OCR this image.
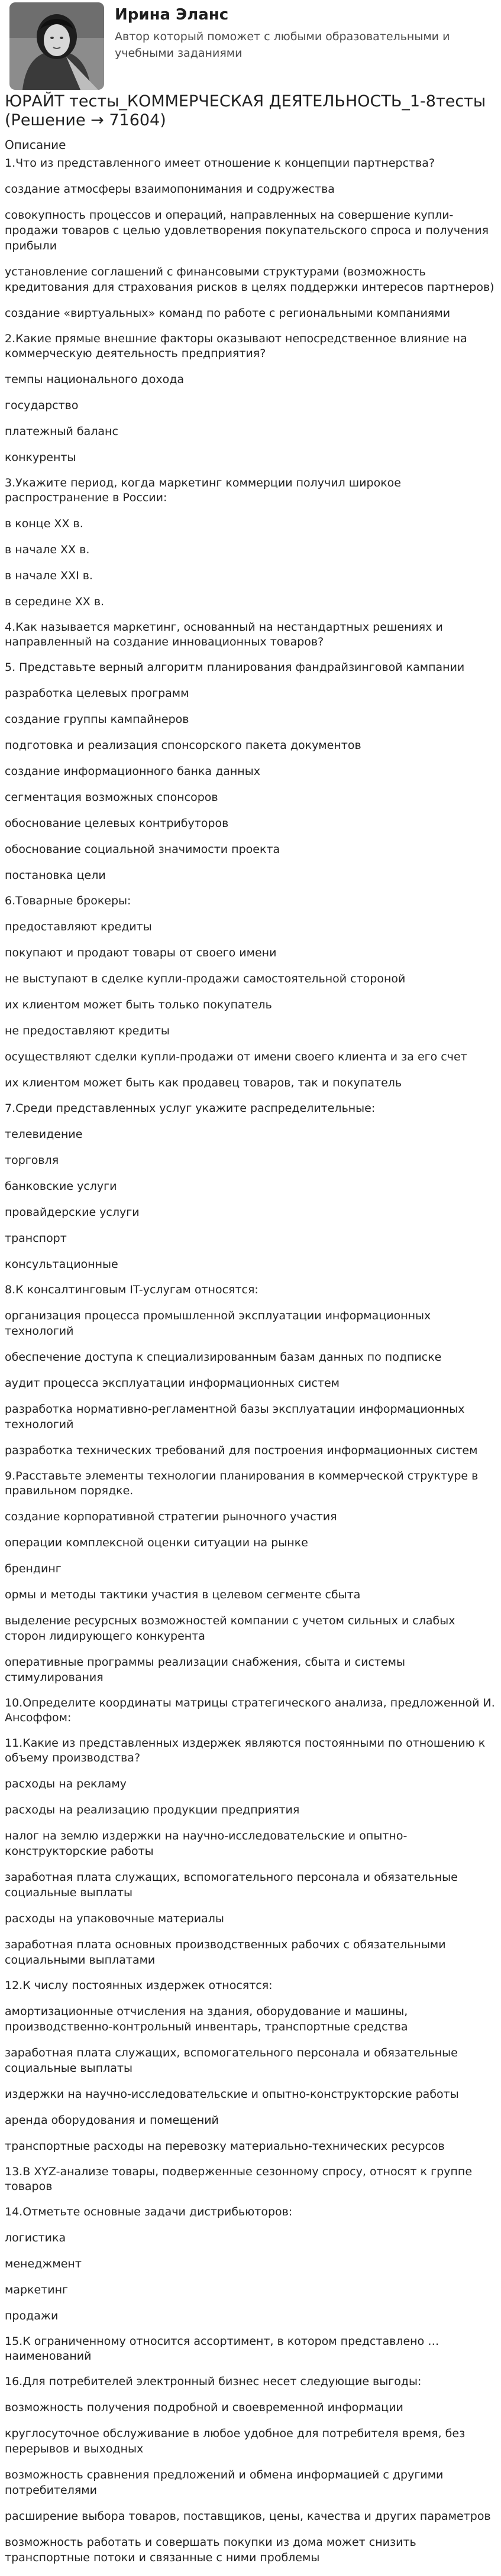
Ирина Эланс
Автор который поможет с любыми образовательными и учебными заданиями
ЮРАЙТ тесты_КОММЕРЧЕСКАЯ ДЕЯТЕЛЬНОСТЬ_1-8тесты (Решение → 71604)
Описание
1.Что из представленного имеет отношение к концепции партнерства?
создание атмосферы взаимопонимания и содружества
совокупность процессов и операций, направленных на совершение купли-продажи товаров с целью удовлетворения покупательского спроса и получения прибыли
установление соглашений с финансовыми структурами (возможность кредитования для страхования рисков в целях поддержки интересов партнеров)
создание «виртуальных» команд по работе с региональными компаниями
2.Какие прямые внешние факторы оказывают непосредственное влияние на коммерческую деятельность предприятия?
темпы национального дохода
государство
платежный баланс
конкуренты
3.Укажите период, когда маркетинг коммерции получил широкое распространение в России:
в конце XX в.
в начале XX в.
в начале XXI в.
в середине XX в.
4.Как называется маркетинг, основанный на нестандартных решениях и направленный на создание инновационных товаров?
5. Представьте верный алгоритм планирования фандрайзинговой кампании
разработка целевых программ
создание группы кампайнеров
подготовка и реализация спонсорского пакета документов
создание информационного банка данных
сегментация возможных спонсоров
обоснование целевых контрибуторов
обоснование социальной значимости проекта
постановка цели
6.Товарные брокеры:
предоставляют кредиты
покупают и продают товары от своего имени
не выступают в сделке купли-продажи самостоятельной стороной
их клиентом может быть только покупатель
не предоставляют кредиты
осуществляют сделки купли-продажи от имени своего клиента и за его счет
их клиентом может быть как продавец товаров, так и покупатель
7.Среди представленных услуг укажите распределительные:
телевидение
торговля
банковские услуги
провайдерские услуги
транспорт
консультационные
8.К консалтинговым IT-услугам относятся:
организация процесса промышленной эксплуатации информационных технологий
обеспечение доступа к специализированным базам данных по подписке
аудит процесса эксплуатации информационных систем
разработка нормативно-регламентной базы эксплуатации информационных технологий
разработка технических требований для построения информационных систем
9.Расставьте элементы технологии планирования в коммерческой структуре в правильном порядке.
создание корпоративной стратегии рыночного участия
операции комплексной оценки ситуации на рынке
брендинг
ормы и методы тактики участия в целевом сегменте сбыта
выделение ресурсных возможностей компании с учетом сильных и слабых сторон лидирующего конкурента
оперативные программы реализации снабжения, сбыта и системы стимулирования
10.Определите координаты матрицы стратегического анализа, предложенной И. Ансоффом:
11.Какие из представленных издержек являются постоянными по отношению к объему производства?
расходы на рекламу
расходы на реализацию продукции предприятия
налог на землю издержки на научно-исследовательские и опытно-конструкторские работы
заработная плата служащих, вспомогательного персонала и обязательные социальные выплаты
расходы на упаковочные материалы
заработная плата основных производственных рабочих с обязательными социальными выплатами
12.К числу постоянных издержек относятся:
амортизационные отчисления на здания, оборудование и машины, производственно-контрольный инвентарь, транспортные средства
заработная плата служащих, вспомогательного персонала и обязательные социальные выплаты
издержки на научно-исследовательские и опытно-конструкторские работы
аренда оборудования и помещений
транспортные расходы на перевозку материально-технических ресурсов
13.В XYZ-анализе товары, подверженные сезонному спросу, относят к группе товаров
14.Отметьте основные задачи дистрибьюторов:
логистика
менеджмент
маркетинг
продажи
15.К ограниченному относится ассортимент, в котором представлено … наименований
16.Для потребителей электронный бизнес несет следующие выгоды:
возможность получения подробной и своевременной информации
круглосуточное обслуживание в любое удобное для потребителя время, без перерывов и выходных
возможность сравнения предложений и обмена информацией с другими потребителями
расширение выбора товаров, поставщиков, цены, качества и других параметров
возможность работать и совершать покупки из дома может снизить транспортные потоки и связанные с ними проблемы
